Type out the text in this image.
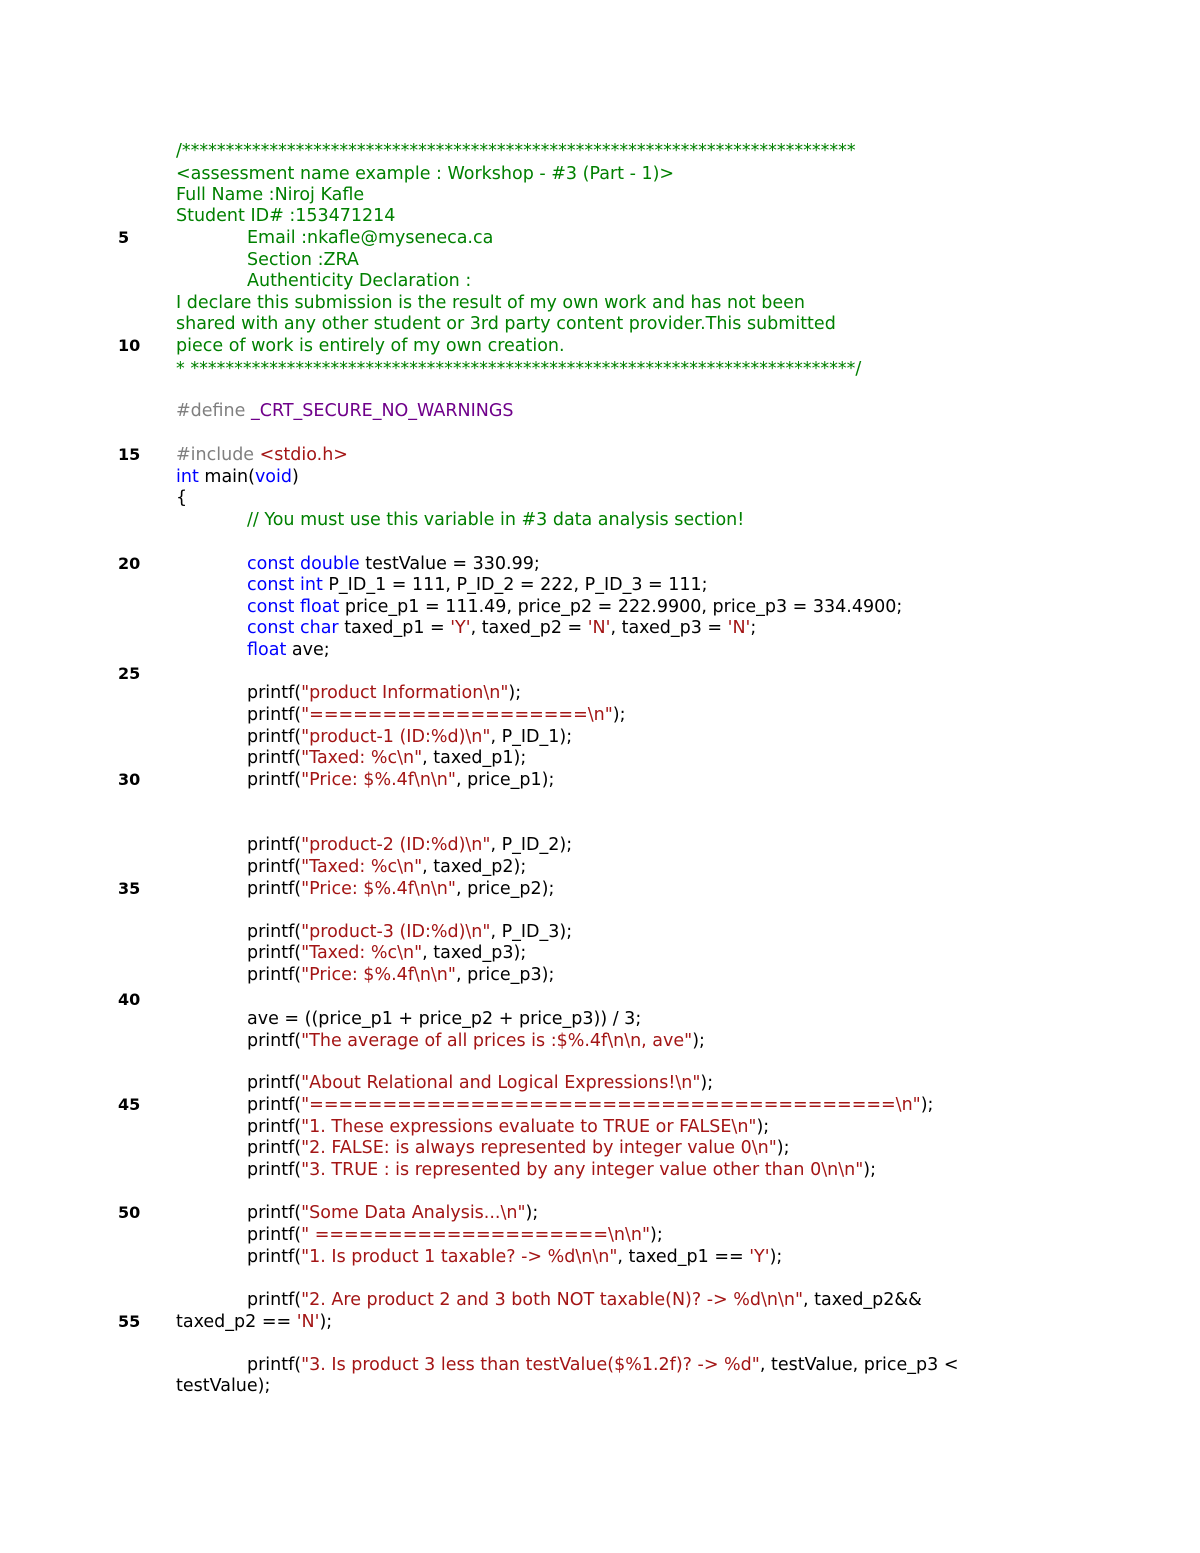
/*****************************************************************************
<assessment name example : Workshop - #3 (Part - 1)>
Full Name :Niroj Kafle
Student ID# :153471214
5	Email :nkafle@myseneca.ca
Section :ZRA
Authenticity Declaration :
I declare this submission is the result of my own work and has not been
shared with any other student or 3rd party content provider.This submitted
10	piece of work is entirely of my own creation.
* ****************************************************************************/
#define _CRT_SECURE_NO_WARNINGS
15	#include <stdio.h>
int main(void)
{
// You must use this variable in #3 data analysis section!
20	const double testValue = 330.99;
const int P_ID_1 = 111, P_ID_2 = 222, P_ID_3 = 111;
const float price_p1 = 111.49, price_p2 = 222.9900, price_p3 = 334.4900;
const char taxed_p1 = 'Y', taxed_p2 = 'N', taxed_p3 = 'N';
float ave;
25
printf("product Information\n");
printf("===================\n");
printf("product-1 (ID:%d)\n", P_ID_1);
printf("Taxed: %c\n", taxed_p1);
30	printf("Price: $%.4f\n\n", price_p1);
printf("product-2 (ID:%d)\n", P_ID_2);
printf("Taxed: %c\n", taxed_p2);
35	printf("Price: $%.4f\n\n", price_p2);
printf("product-3 (ID:%d)\n", P_ID_3);
printf("Taxed: %c\n", taxed_p3);
printf("Price: $%.4f\n\n", price_p3);
40
ave = ((price_p1 + price_p2 + price_p3)) / 3;
printf("The average of all prices is :$%.4f\n\n, ave");
printf("About Relational and Logical Expressions!\n");
45	printf("========================================\n");
printf("1. These expressions evaluate to TRUE or FALSE\n");
printf("2. FALSE: is always represented by integer value 0\n");
printf("3. TRUE : is represented by any integer value other than 0\n\n");
50	printf("Some Data Analysis...\n");
printf(" ====================\n\n");
printf("1. Is product 1 taxable? -> %d\n\n", taxed_p1 == 'Y');
printf("2. Are product 2 and 3 both NOT taxable(N)? -> %d\n\n", taxed_p2&&
55	taxed_p2 == 'N');
printf("3. Is product 3 less than testValue($%1.2f)? -> %d", testValue, price_p3 <
testValue);
